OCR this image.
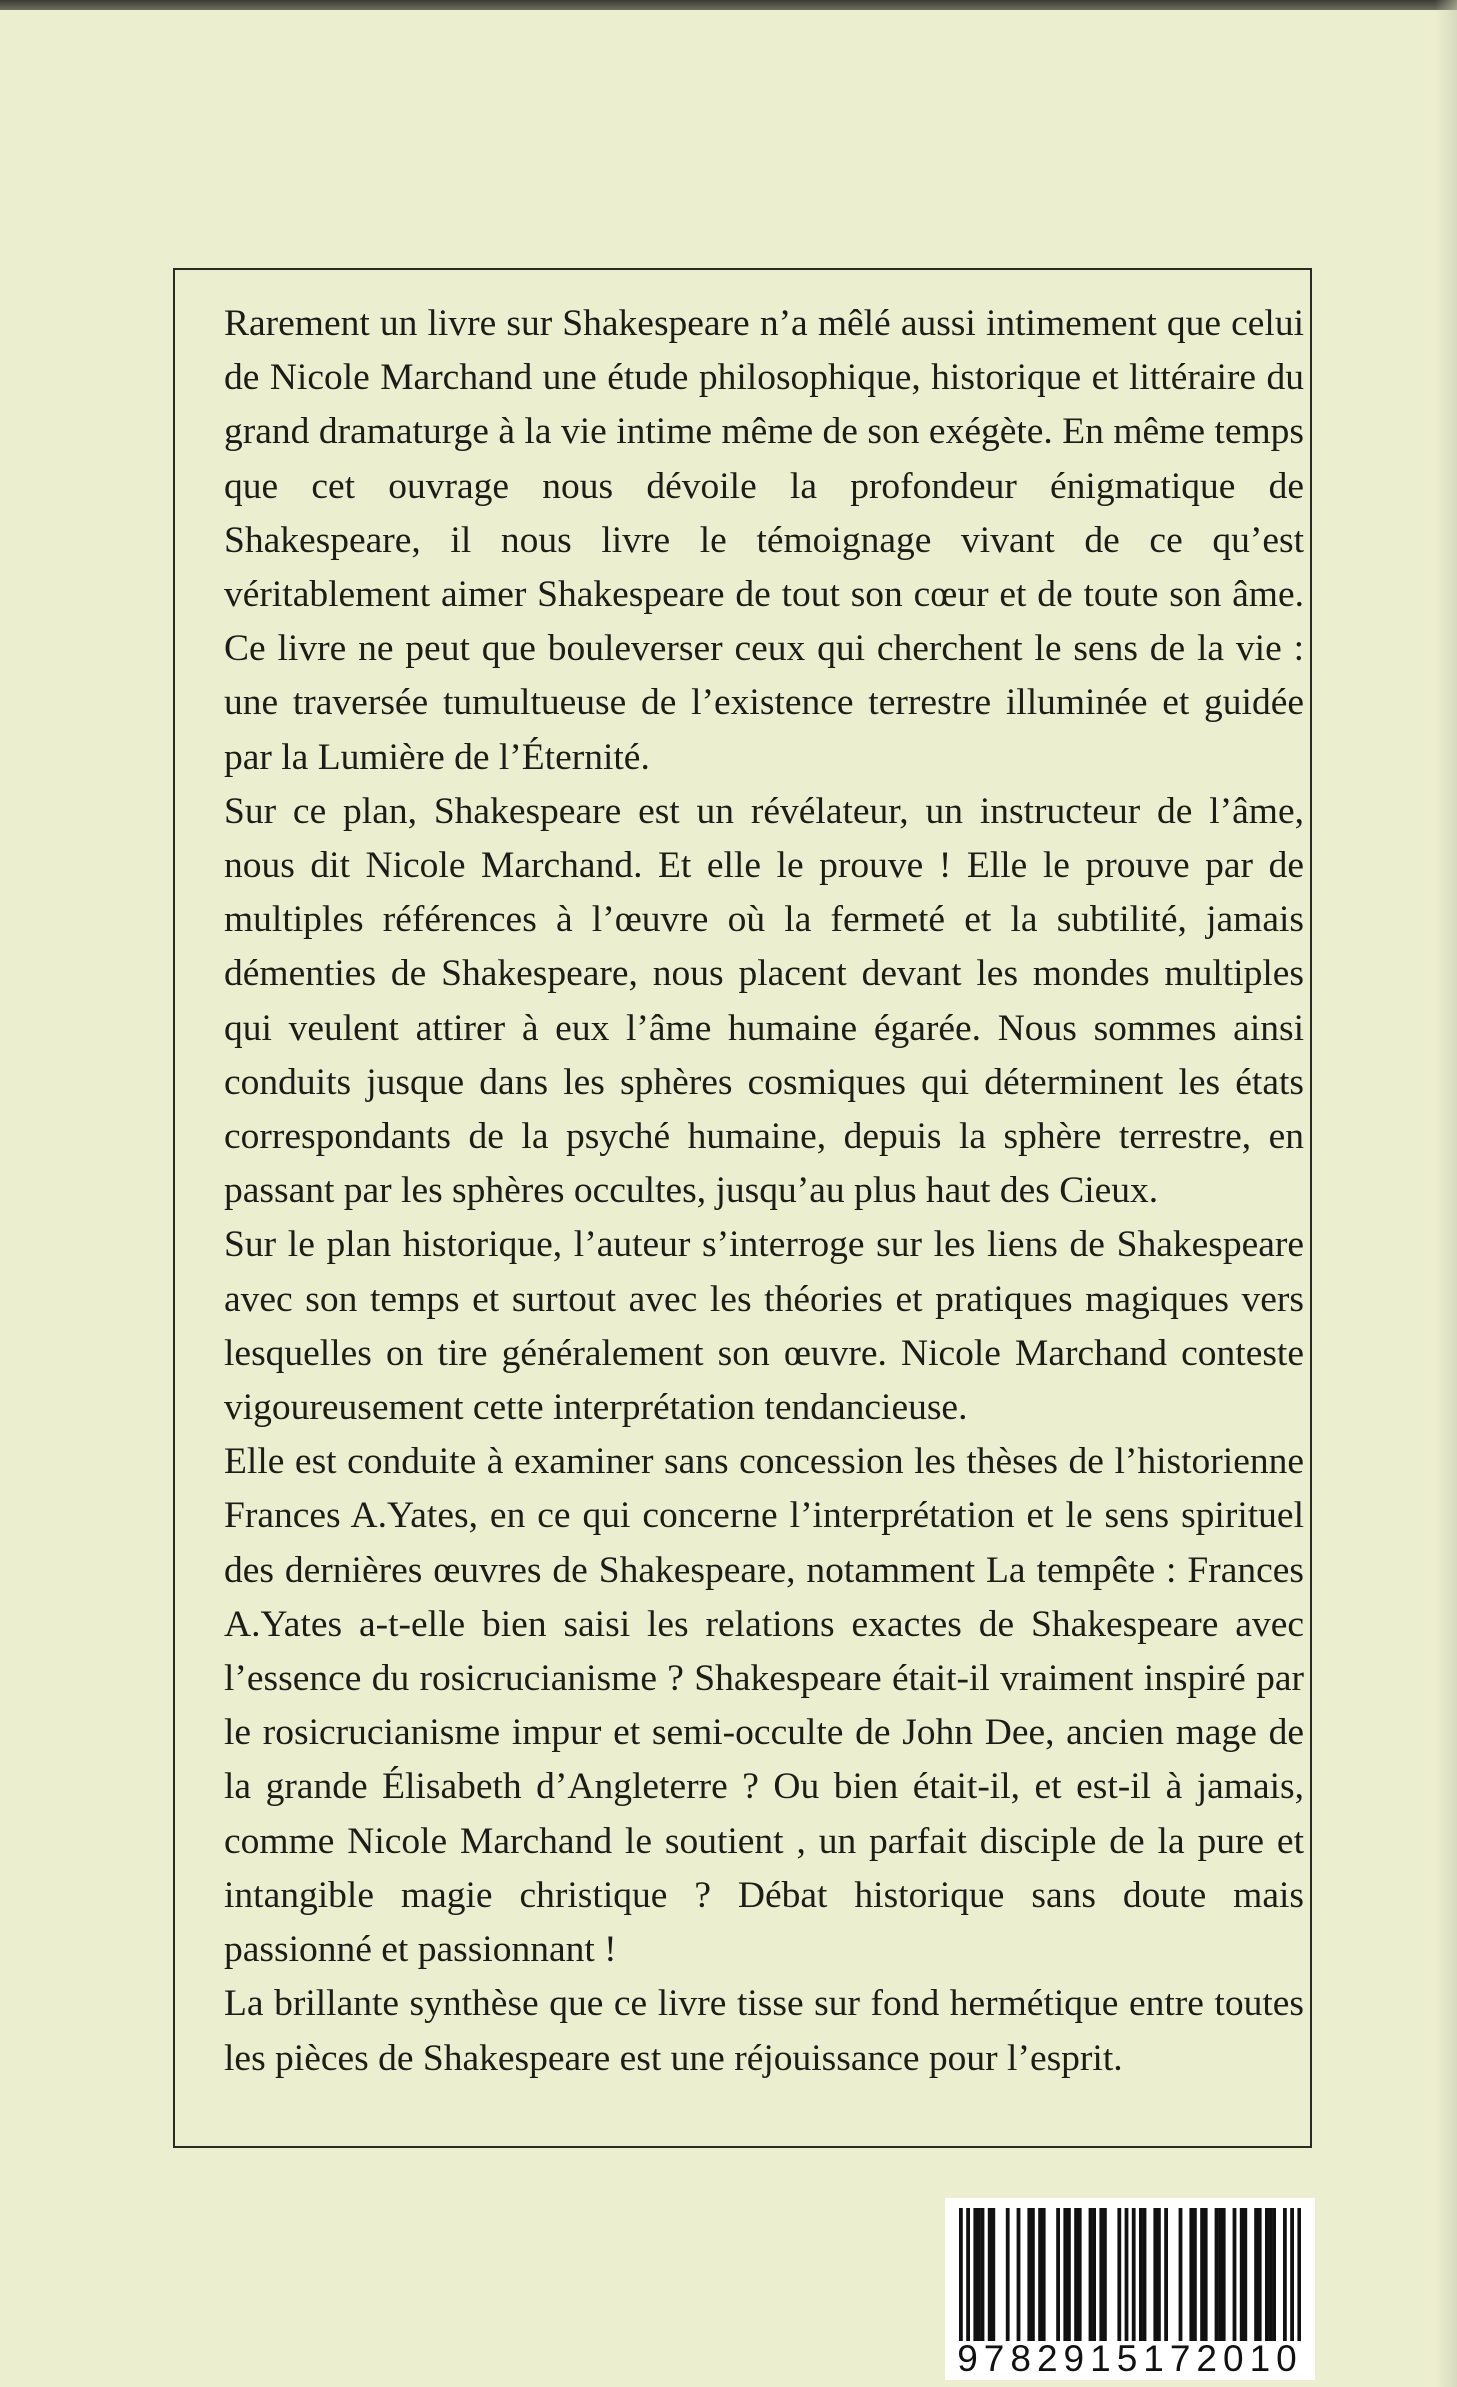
Rarement un livre sur Shakespeare n’a mêlé aussi intimement que celui de Nicole Marchand une étude philosophique, historique et littéraire du grand dramaturge à la vie intime même de son exégète. En même temps que cet ouvrage nous dévoile la profondeur énigmatique de Shakespeare, il nous livre le témoignage vivant de ce qu’est véritablement aimer Shakespeare de tout son cœur et de toute son âme. Ce livre ne peut que bouleverser ceux qui cherchent le sens de la vie : une traversée tumultueuse de l’existence terrestre illuminée et guidée par la Lumière de l’Éternité.

Sur ce plan, Shakespeare est un révélateur, un instructeur de l’âme, nous dit Nicole Marchand. Et elle le prouve ! Elle le prouve par de multiples références à l’œuvre où la fermeté et la subtilité, jamais démenties de Shakespeare, nous placent devant les mondes multiples qui veulent attirer à eux l’âme humaine égarée. Nous sommes ainsi conduits jusque dans les sphères cosmiques qui déterminent les états correspondants de la psyché humaine, depuis la sphère terrestre, en passant par les sphères occultes, jusqu’au plus haut des Cieux.

Sur le plan historique, l’auteur s’interroge sur les liens de Shakespeare avec son temps et surtout avec les théories et pratiques magiques vers lesquelles on tire généralement son œuvre. Nicole Marchand conteste vigoureusement cette interprétation tendancieuse.

Elle est conduite à examiner sans concession les thèses de l’historienne Frances A.Yates, en ce qui concerne l’interprétation et le sens spirituel des dernières œuvres de Shakespeare, notamment La tempête : Frances A.Yates a-t-elle bien saisi les relations exactes de Shakespeare avec l’essence du rosicrucianisme ? Shakespeare était-il vraiment inspiré par le rosicrucianisme impur et semi-occulte de John Dee, ancien mage de la grande Élisabeth d’Angleterre ? Ou bien était-il, et est-il à jamais, comme Nicole Marchand le soutient , un parfait disciple de la pure et intangible magie christique ? Débat historique sans doute mais passionné et passionnant !

La brillante synthèse que ce livre tisse sur fond hermétique entre toutes les pièces de Shakespeare est une réjouissance pour l’esprit.

9782915172010
